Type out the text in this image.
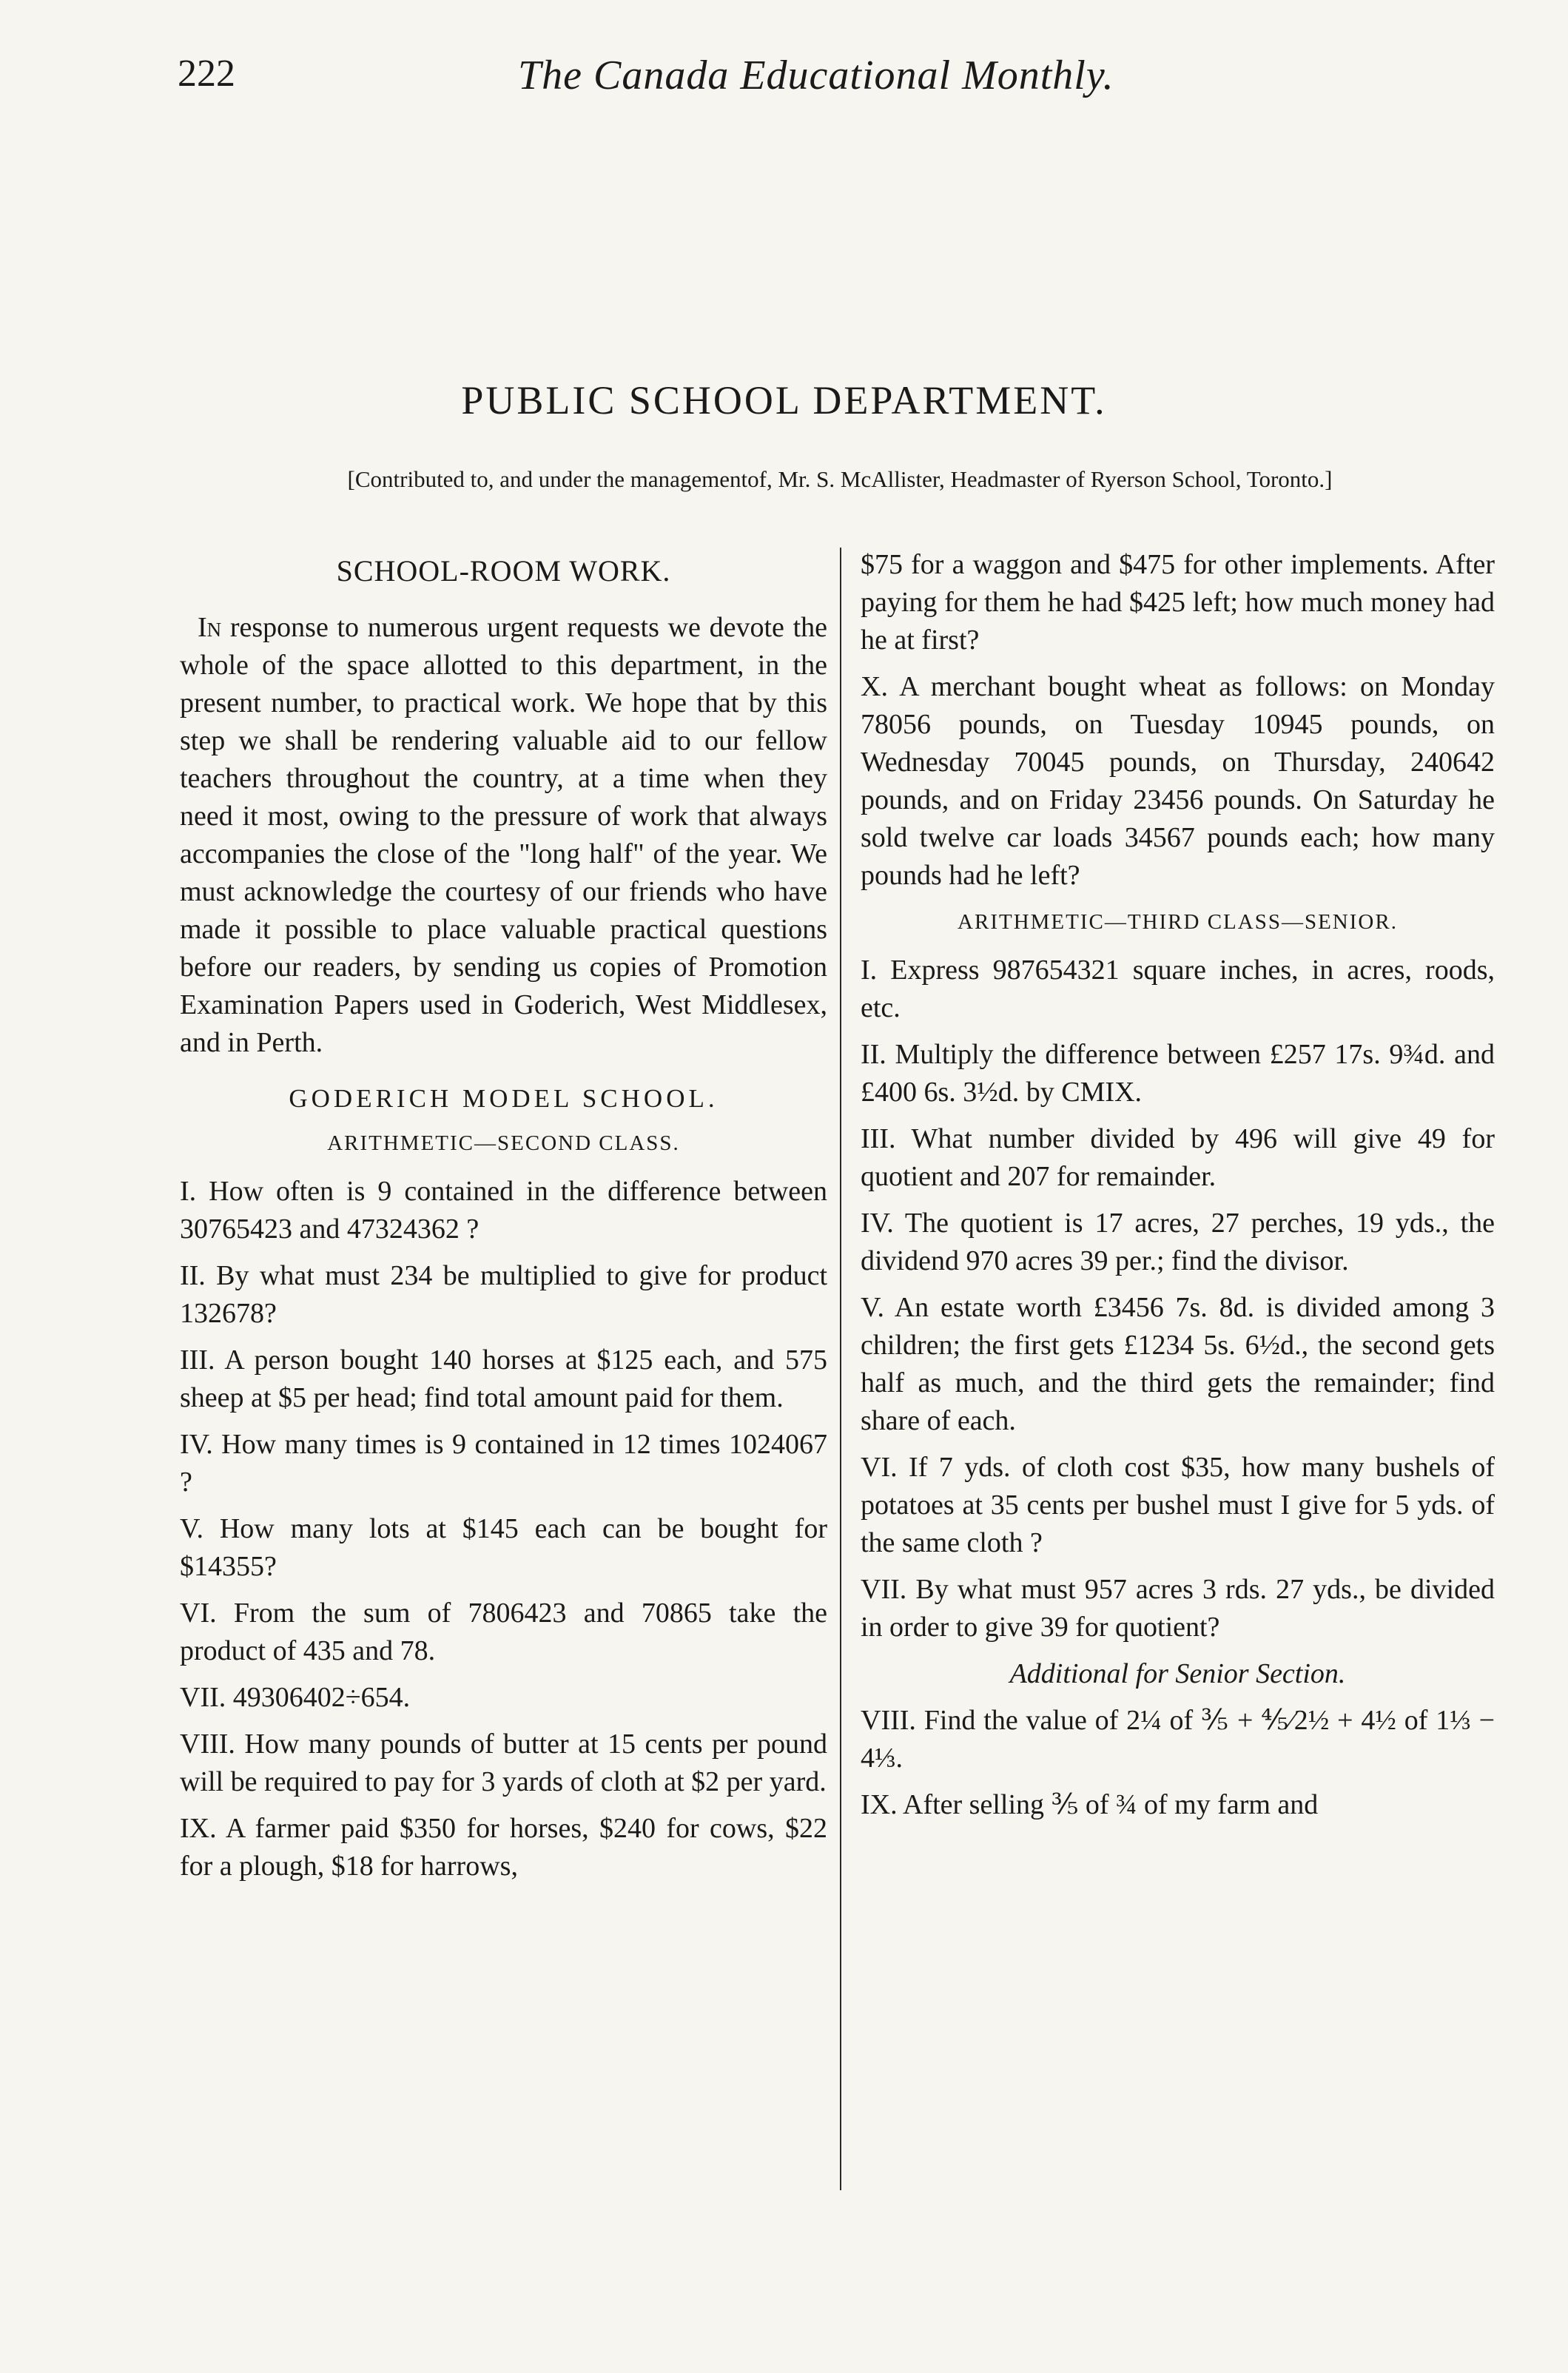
222	The Canada Educational Monthly.
PUBLIC SCHOOL DEPARTMENT.
[Contributed to, and under the managementof, Mr. S. McAllister, Headmaster of Ryerson School, Toronto.]
SCHOOL-ROOM WORK.

In response to numerous urgent requests we devote the whole of the space allotted to this department, in the present number, to practical work. We hope that by this step we shall be rendering valuable aid to our fellow teachers throughout the country, at a time when they need it most, owing to the pressure of work that always accompanies the close of the "long half" of the year. We must acknowledge the courtesy of our friends who have made it possible to place valuable practical questions before our readers, by sending us copies of Promotion Examination Papers used in Goderich, West Middlesex, and in Perth.

GODERICH MODEL SCHOOL.
ARITHMETIC—SECOND CLASS.

I. How often is 9 contained in the difference between 30765423 and 47324362 ?

II. By what must 234 be multiplied to give for product 132678?

III. A person bought 140 horses at $125 each, and 575 sheep at $5 per head; find total amount paid for them.

IV. How many times is 9 contained in 12 times 1024067 ?

V. How many lots at $145 each can be bought for $14355?

VI. From the sum of 7806423 and 70865 take the product of 435 and 78.

VII. 49306402÷654.

VIII. How many pounds of butter at 15 cents per pound will be required to pay for 3 yards of cloth at $2 per yard.

IX. A farmer paid $350 for horses, $240 for cows, $22 for a plough, $18 for harrows,

$75 for a waggon and $475 for other implements. After paying for them he had $425 left; how much money had he at first?

X. A merchant bought wheat as follows: on Monday 78056 pounds, on Tuesday 10945 pounds, on Wednesday 70045 pounds, on Thursday, 240642 pounds, and on Friday 23456 pounds. On Saturday he sold twelve car loads 34567 pounds each; how many pounds had he left?

ARITHMETIC—THIRD CLASS—SENIOR.

I. Express 987654321 square inches, in acres, roods, etc.

II. Multiply the difference between £257 17s. 9¾d. and £400 6s. 3½d. by CMIX.

III. What number divided by 496 will give 49 for quotient and 207 for remainder.

IV. The quotient is 17 acres, 27 perches, 19 yds., the dividend 970 acres 39 per.; find the divisor.

V. An estate worth £3456 7s. 8d. is divided among 3 children; the first gets £1234 5s. 6½d., the second gets half as much, and the third gets the remainder; find share of each.

VI. If 7 yds. of cloth cost $35, how many bushels of potatoes at 35 cents per bushel must I give for 5 yds. of the same cloth ?

VII. By what must 957 acres 3 rds. 27 yds., be divided in order to give 39 for quotient?

Additional for Senior Section.

VIII. Find the value of 2¼ of ⅗ + ⅘⁄2½ + 4½ of 1⅓ − 4⅓.

IX. After selling ⅗ of ¾ of my farm and
